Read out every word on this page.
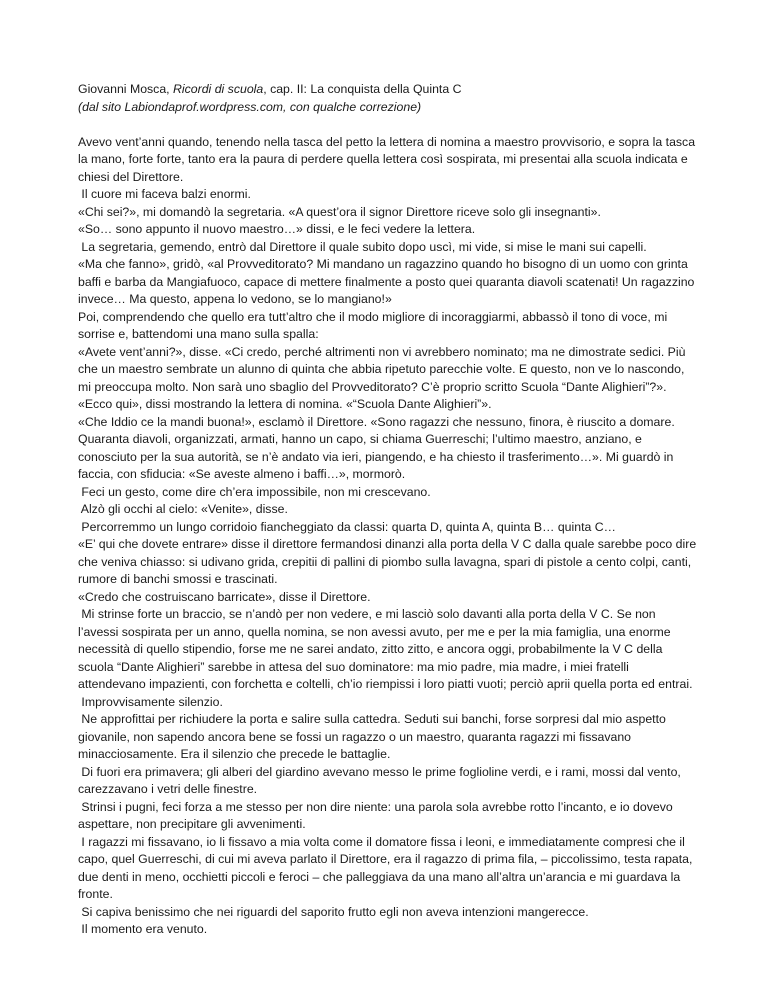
Giovanni Mosca, Ricordi di scuola, cap. II: La conquista della Quinta C

(dal sito Labiondaprof.wordpress.com, con qualche correzione)

Avevo vent’anni quando, tenendo nella tasca del petto la lettera di nomina a maestro provvisorio, e sopra la tasca la mano, forte forte, tanto era la paura di perdere quella lettera così sospirata, mi presentai alla scuola indicata e chiesi del Direttore.

Il cuore mi faceva balzi enormi.

«Chi sei?», mi domandò la segretaria. «A quest’ora il signor Direttore riceve solo gli insegnanti».

«So… sono appunto il nuovo maestro…» dissi, e le feci vedere la lettera.

La segretaria, gemendo, entrò dal Direttore il quale subito dopo uscì, mi vide, si mise le mani sui capelli.

«Ma che fanno», gridò, «al Provveditorato? Mi mandano un ragazzino quando ho bisogno di un uomo con grinta baffi e barba da Mangiafuoco, capace di mettere finalmente a posto quei quaranta diavoli scatenati! Un ragazzino invece… Ma questo, appena lo vedono, se lo mangiano!»

Poi, comprendendo che quello era tutt’altro che il modo migliore di incoraggiarmi, abbassò il tono di voce, mi sorrise e, battendomi una mano sulla spalla:

«Avete vent’anni?», disse. «Ci credo, perché altrimenti non vi avrebbero nominato; ma ne dimostrate sedici. Più che un maestro sembrate un alunno di quinta che abbia ripetuto parecchie volte. E questo, non ve lo nascondo, mi preoccupa molto. Non sarà uno sbaglio del Provveditorato? C’è proprio scritto Scuola “Dante Alighieri”?».

«Ecco qui», dissi mostrando la lettera di nomina. «“Scuola Dante Alighieri”».

«Che Iddio ce la mandi buona!», esclamò il Direttore. «Sono ragazzi che nessuno, finora, è riuscito a domare. Quaranta diavoli, organizzati, armati, hanno un capo, si chiama Guerreschi; l’ultimo maestro, anziano, e conosciuto per la sua autorità, se n’è andato via ieri, piangendo, e ha chiesto il trasferimento…». Mi guardò in faccia, con sfiducia: «Se aveste almeno i baffi…», mormorò.

Feci un gesto, come dire ch’era impossibile, non mi crescevano.

Alzò gli occhi al cielo: «Venite», disse.

Percorremmo un lungo corridoio fiancheggiato da classi: quarta D, quinta A, quinta B… quinta C…

«E’ qui che dovete entrare» disse il direttore fermandosi dinanzi alla porta della V C dalla quale sarebbe poco dire che veniva chiasso: si udivano grida, crepitii di pallini di piombo sulla lavagna, spari di pistole a cento colpi, canti, rumore di banchi smossi e trascinati.

«Credo che costruiscano barricate», disse il Direttore.

Mi strinse forte un braccio, se n’andò per non vedere, e mi lasciò solo davanti alla porta della V C. Se non l’avessi sospirata per un anno, quella nomina, se non avessi avuto, per me e per la mia famiglia, una enorme necessità di quello stipendio, forse me ne sarei andato, zitto zitto, e ancora oggi, probabilmente la V C della scuola “Dante Alighieri” sarebbe in attesa del suo dominatore: ma mio padre, mia madre, i miei fratelli attendevano impazienti, con forchetta e coltelli, ch’io riempissi i loro piatti vuoti; perciò aprii quella porta ed entrai.

Improvvisamente silenzio.

Ne approfittai per richiudere la porta e salire sulla cattedra. Seduti sui banchi, forse sorpresi dal mio aspetto giovanile, non sapendo ancora bene se fossi un ragazzo o un maestro, quaranta ragazzi mi fissavano minacciosamente. Era il silenzio che precede le battaglie.

Di fuori era primavera; gli alberi del giardino avevano messo le prime foglioline verdi, e i rami, mossi dal vento, carezzavano i vetri delle finestre.

Strinsi i pugni, feci forza a me stesso per non dire niente: una parola sola avrebbe rotto l’incanto, e io dovevo aspettare, non precipitare gli avvenimenti.

I ragazzi mi fissavano, io li fissavo a mia volta come il domatore fissa i leoni, e immediatamente compresi che il capo, quel Guerreschi, di cui mi aveva parlato il Direttore, era il ragazzo di prima fila, – piccolissimo, testa rapata, due denti in meno, occhietti piccoli e feroci – che palleggiava da una mano all’altra un’arancia e mi guardava la fronte.

Si capiva benissimo che nei riguardi del saporito frutto egli non aveva intenzioni mangerecce.

Il momento era venuto.
